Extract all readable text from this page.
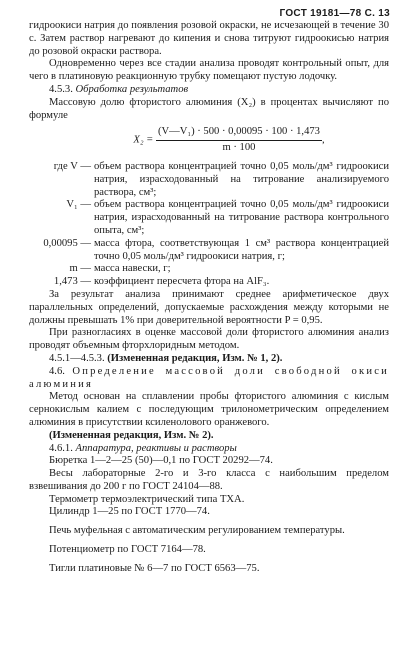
ГОСТ 19181—78 С. 13

гидроокиси натрия до появления розовой окраски, не исчезающей в течение 30 с. Затем раствор нагревают до кипения и снова титруют гидроокисью натрия до розовой окраски раствора.

Одновременно через все стадии анализа проводят контрольный опыт, для чего в платиновую реакционную трубку помещают пустую лодочку.

4.5.3. Обработка результатов

Массовую долю фтористого алюминия (X₂) в процентах вычисляют по формуле

$X_2 = \frac{\text{(V—V₁) · 500 · 0,00095 · 100 · 1,473}}{m \cdot 100}$ ,
где V — объем раствора концентрацией точно 0,05 моль/дм³ гидроокиси натрия, израсходованный на титрование анализируемого раствора, см³;
V₁ — объем раствора концентрацией точно 0,05 моль/дм³ гидроокиси натрия, израсходованный на титрование раствора контрольного опыта, см³;
0,00095 — масса фтора, соответствующая 1 см³ раствора концентрацией точно 0,05 моль/дм³ гидроокиси натрия, г;
m — масса навески, г;
1,473 — коэффициент пересчета фтора на AlF₃.

За результат анализа принимают среднее арифметическое двух параллельных определений, допускаемые расхождения между которыми не должны превышать 1% при доверительной вероятности P = 0,95.

При разногласиях в оценке массовой доли фтористого алюминия анализ проводят объемным фторхлоридным методом.

4.5.1—4.5.3. (Измененная редакция, Изм. № 1, 2).

4.6. Определение массовой доли свободной окиси алюминия

Метод основан на сплавлении пробы фтористого алюминия с кислым сернокислым калием с последующим трилонометрическим определением алюминия в присутствии ксиленолового оранжевого.

(Измененная редакция, Изм. № 2).

4.6.1. Аппаратура, реактивы и растворы

Бюретка 1—2—25 (50)—0,1 по ГОСТ 20292—74.

Весы лабораторные 2-го и 3-го класса с наибольшим пределом взвешивания до 200 г по ГОСТ 24104—88.

Термометр термоэлектрический типа ТХА.

Цилиндр 1—25 по ГОСТ 1770—74.

Печь муфельная с автоматическим регулированием температуры.

Потенциометр по ГОСТ 7164—78.

Тигли платиновые № 6—7 по ГОСТ 6563—75.
